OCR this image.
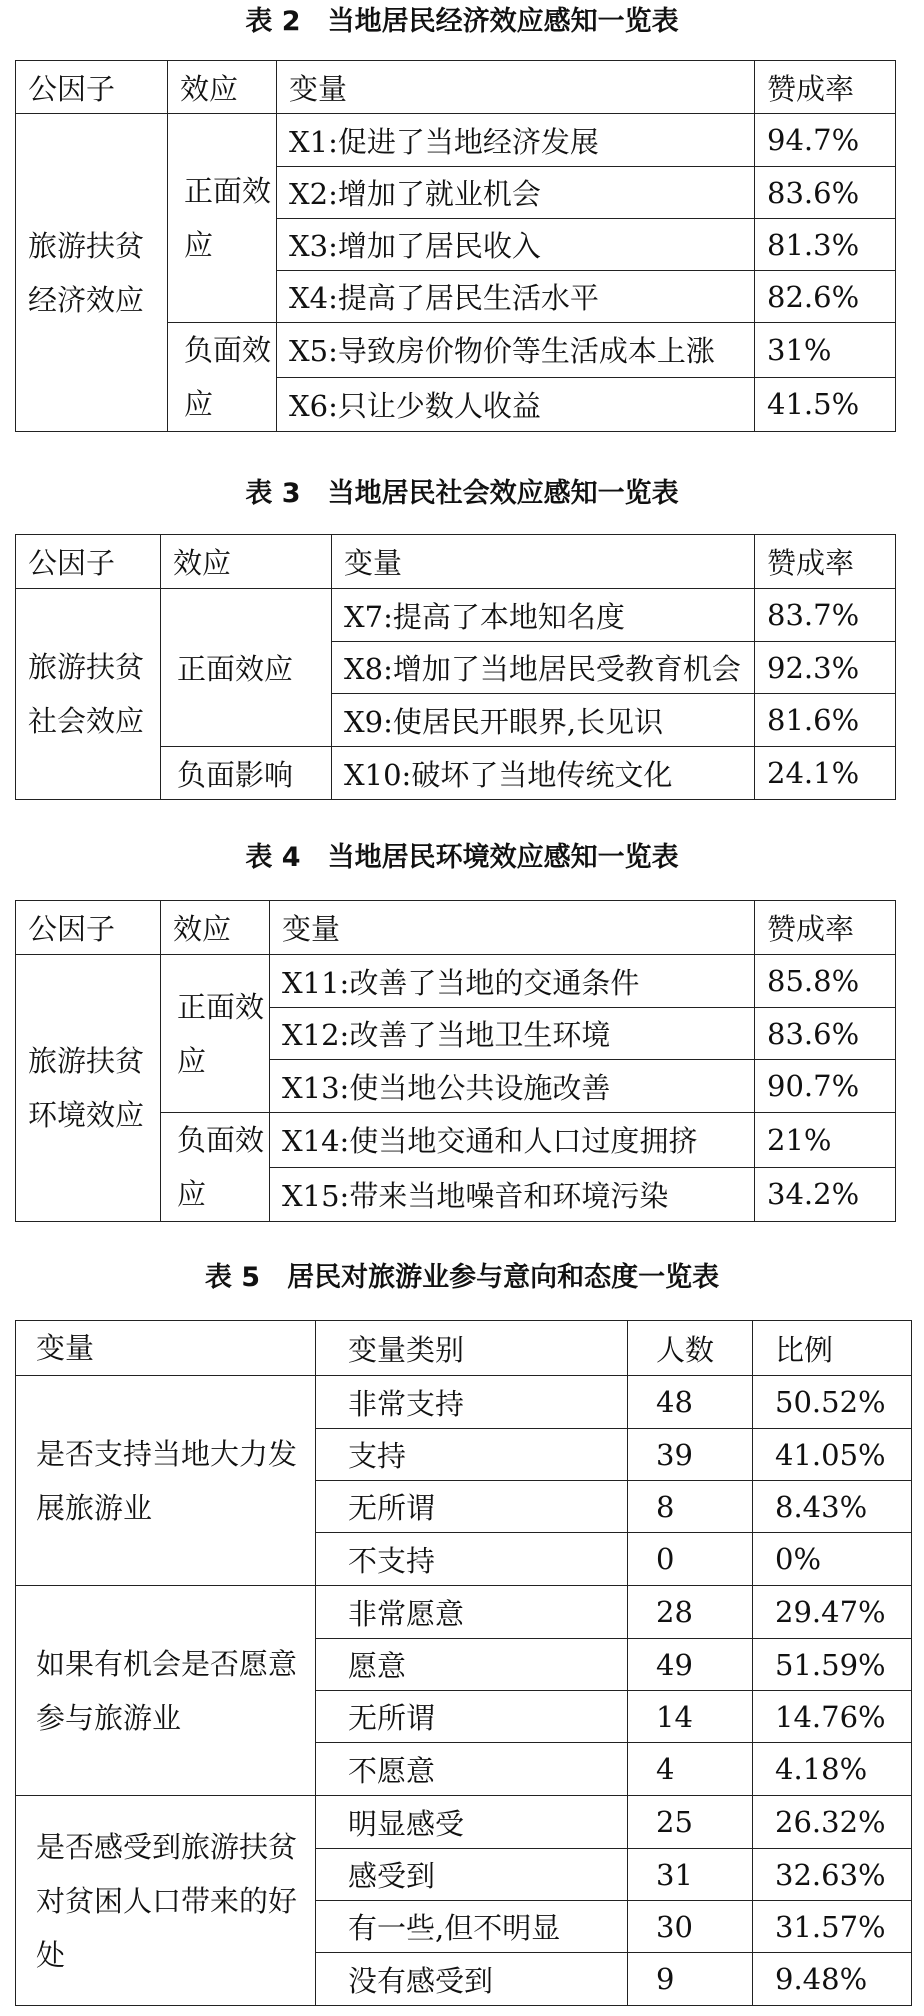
表 2　当地居民经济效应感知一览表
公因子	效应	变量	赞成率
旅游扶贫经济效应	正面效应	X1:促进了当地经济发展	94.7%
		X2:增加了就业机会	83.6%
		X3:增加了居民收入	81.3%
		X4:提高了居民生活水平	82.6%
	负面效应	X5:导致房价物价等生活成本上涨	31%
		X6:只让少数人收益	41.5%
表 3　当地居民社会效应感知一览表
公因子	效应	变量	赞成率
旅游扶贫社会效应	正面效应	X7:提高了本地知名度	83.7%
		X8:增加了当地居民受教育机会	92.3%
		X9:使居民开眼界,长见识	81.6%
	负面影响	X10:破坏了当地传统文化	24.1%
表 4　当地居民环境效应感知一览表
公因子	效应	变量	赞成率
旅游扶贫环境效应	正面效应	X11:改善了当地的交通条件	85.8%
		X12:改善了当地卫生环境	83.6%
		X13:使当地公共设施改善	90.7%
	负面效应	X14:使当地交通和人口过度拥挤	21%
		X15:带来当地噪音和环境污染	34.2%
表 5　居民对旅游业参与意向和态度一览表
变量	变量类别	人数	比例
是否支持当地大力发展旅游业	非常支持	48	50.52%
	支持	39	41.05%
	无所谓	8	8.43%
	不支持	0	0%
如果有机会是否愿意参与旅游业	非常愿意	28	29.47%
	愿意	49	51.59%
	无所谓	14	14.76%
	不愿意	4	4.18%
是否感受到旅游扶贫对贫困人口带来的好处	明显感受	25	26.32%
	感受到	31	32.63%
	有一些,但不明显	30	31.57%
	没有感受到	9	9.48%
